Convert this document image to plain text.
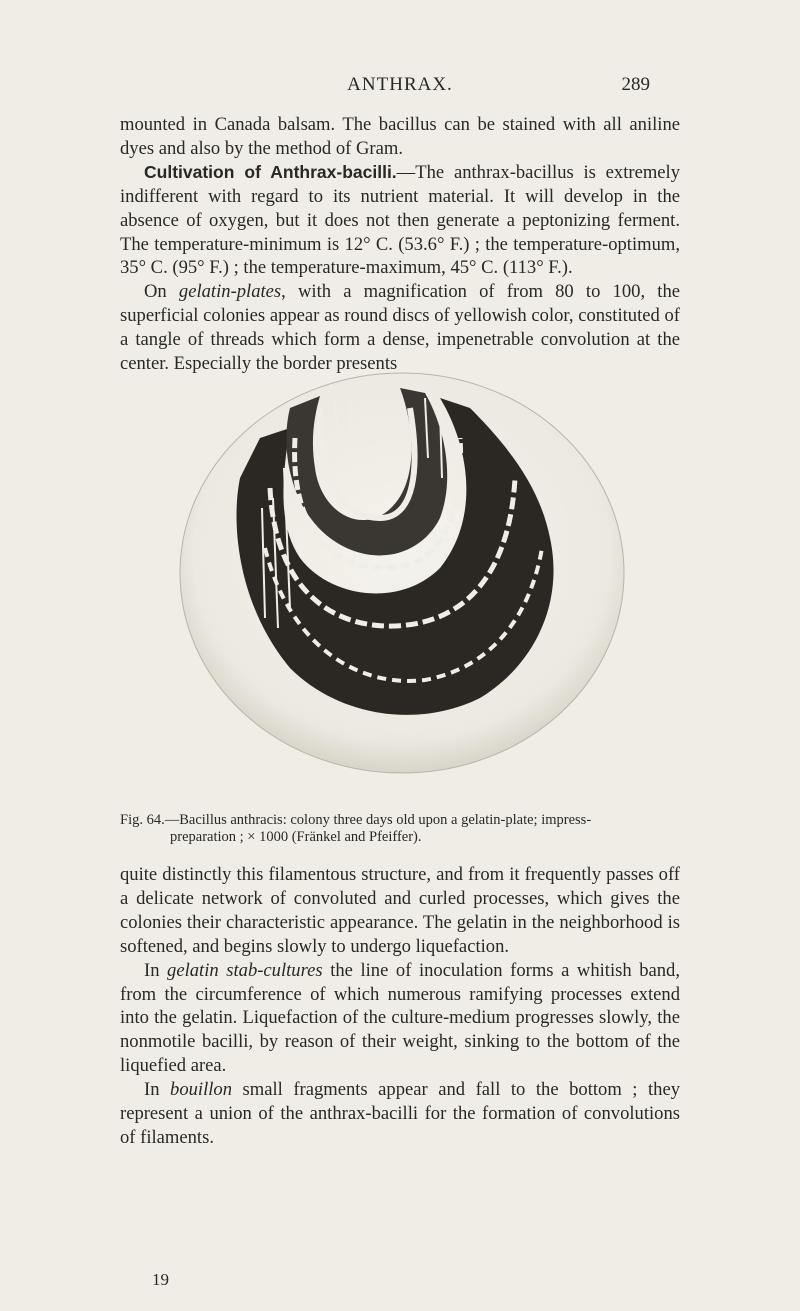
ANTHRAX.	289

mounted in Canada balsam. The bacillus can be stained with all aniline dyes and also by the method of Gram.

Cultivation of Anthrax-bacilli.—The anthrax-bacillus is extremely indifferent with regard to its nutrient material. It will develop in the absence of oxygen, but it does not then generate a peptonizing ferment. The temperature-minimum is 12° C. (53.6° F.) ; the temperature-optimum, 35° C. (95° F.) ; the temperature-maximum, 45° C. (113° F.).

On gelatin-plates, with a magnification of from 80 to 100, the superficial colonies appear as round discs of yellowish color, constituted of a tangle of threads which form a dense, impenetrable convolution at the center. Especially the border presents

Fig. 64.—Bacillus anthracis: colony three days old upon a gelatin-plate; impress-
preparation ; × 1000 (Fränkel and Pfeiffer).

quite distinctly this filamentous structure, and from it frequently passes off a delicate network of convoluted and curled processes, which gives the colonies their characteristic appearance. The gelatin in the neighborhood is softened, and begins slowly to undergo liquefaction.

In gelatin stab-cultures the line of inoculation forms a whitish band, from the circumference of which numerous ramifying processes extend into the gelatin. Liquefaction of the culture-medium progresses slowly, the nonmotile bacilli, by reason of their weight, sinking to the bottom of the liquefied area.

In bouillon small fragments appear and fall to the bottom ; they represent a union of the anthrax-bacilli for the formation of convolutions of filaments.

19
